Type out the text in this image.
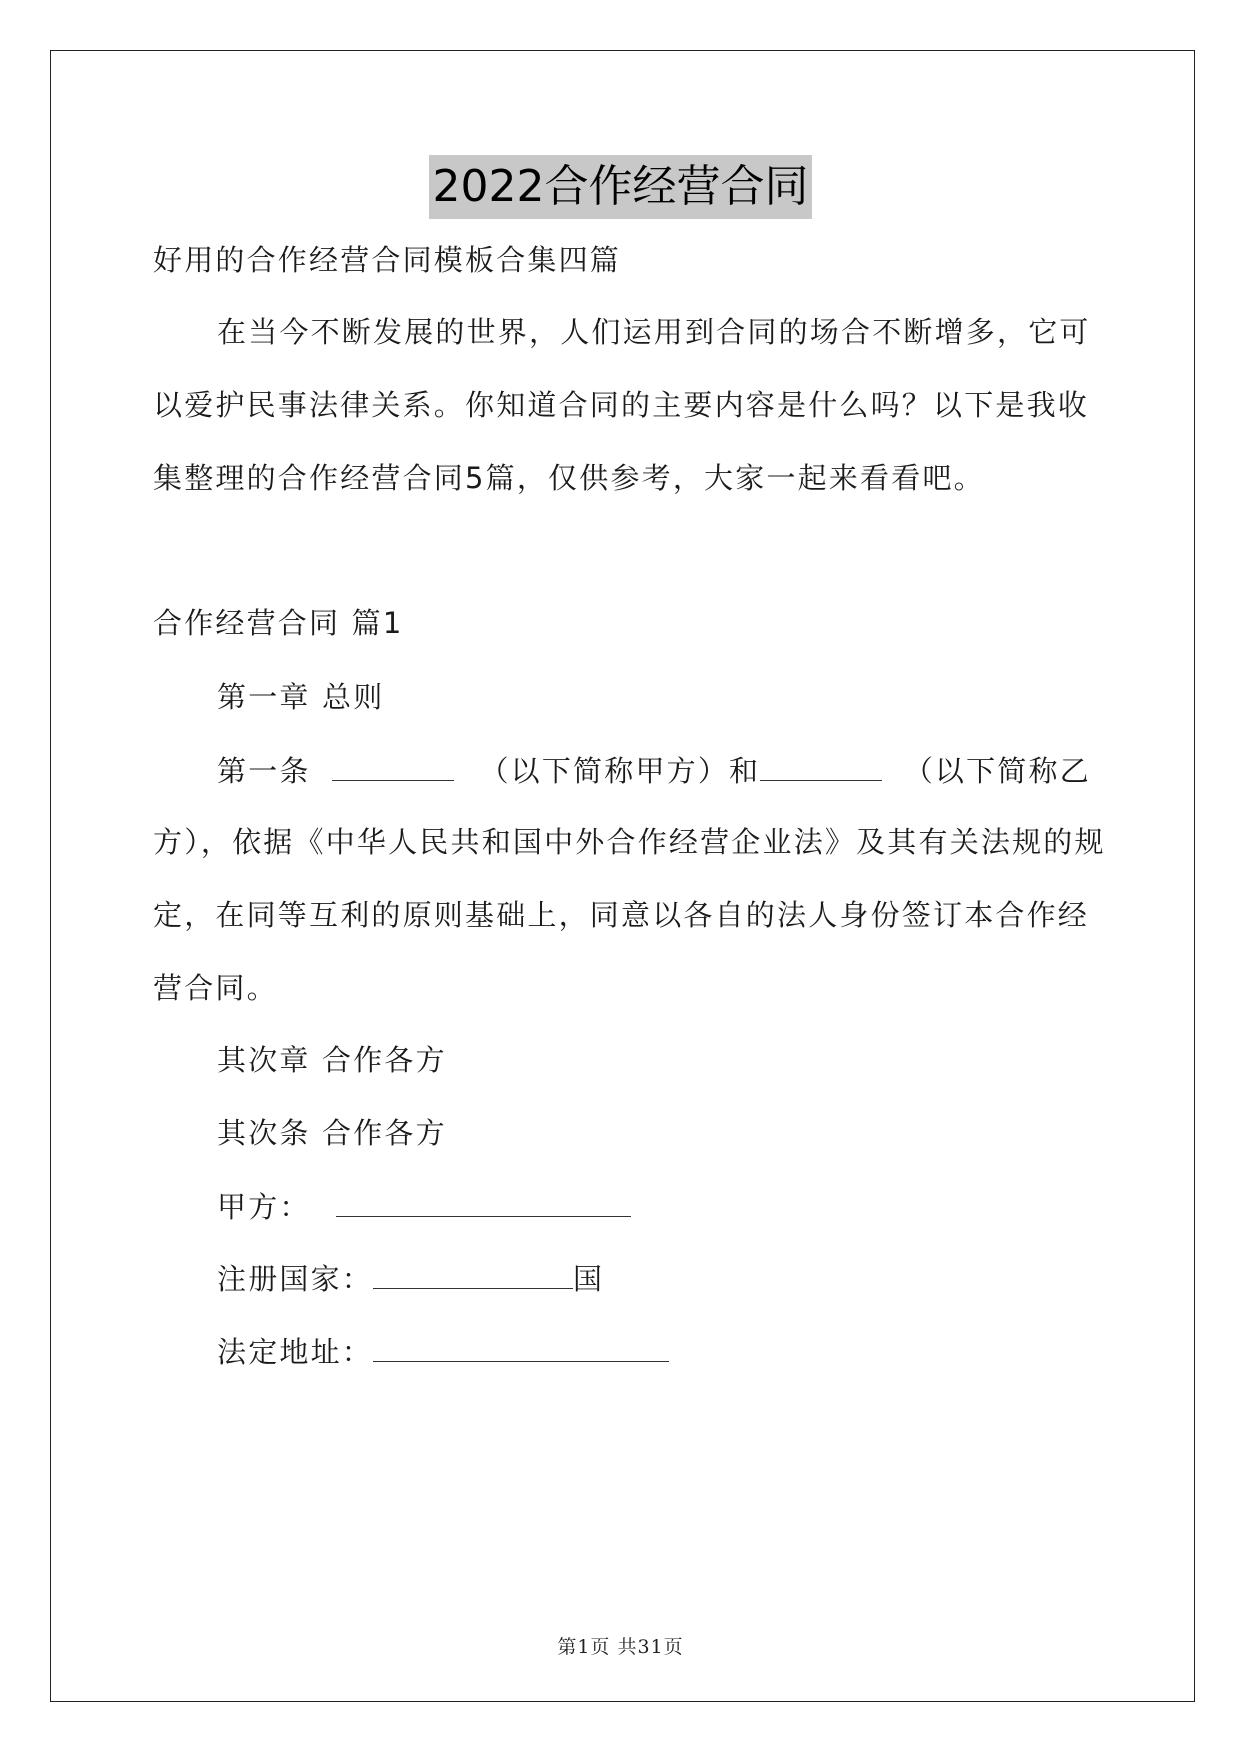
2022合作经营合同
好用的合作经营合同模板合集四篇
在当今不断发展的世界，人们运用到合同的场合不断增多，它可
以爱护民事法律关系。你知道合同的主要内容是什么吗？以下是我收
集整理的合作经营合同5篇，仅供参考，大家一起来看看吧。
合作经营合同 篇1
第一章 总则
第一条	（以下简称甲方）和	（以下简称乙
方），依据《中华人民共和国中外合作经营企业法》及其有关法规的规
定，在同等互利的原则基础上，同意以各自的法人身份签订本合作经
营合同。
其次章 合作各方
其次条 合作各方
甲方：
注册国家：	国
法定地址：
第1页 共31页
